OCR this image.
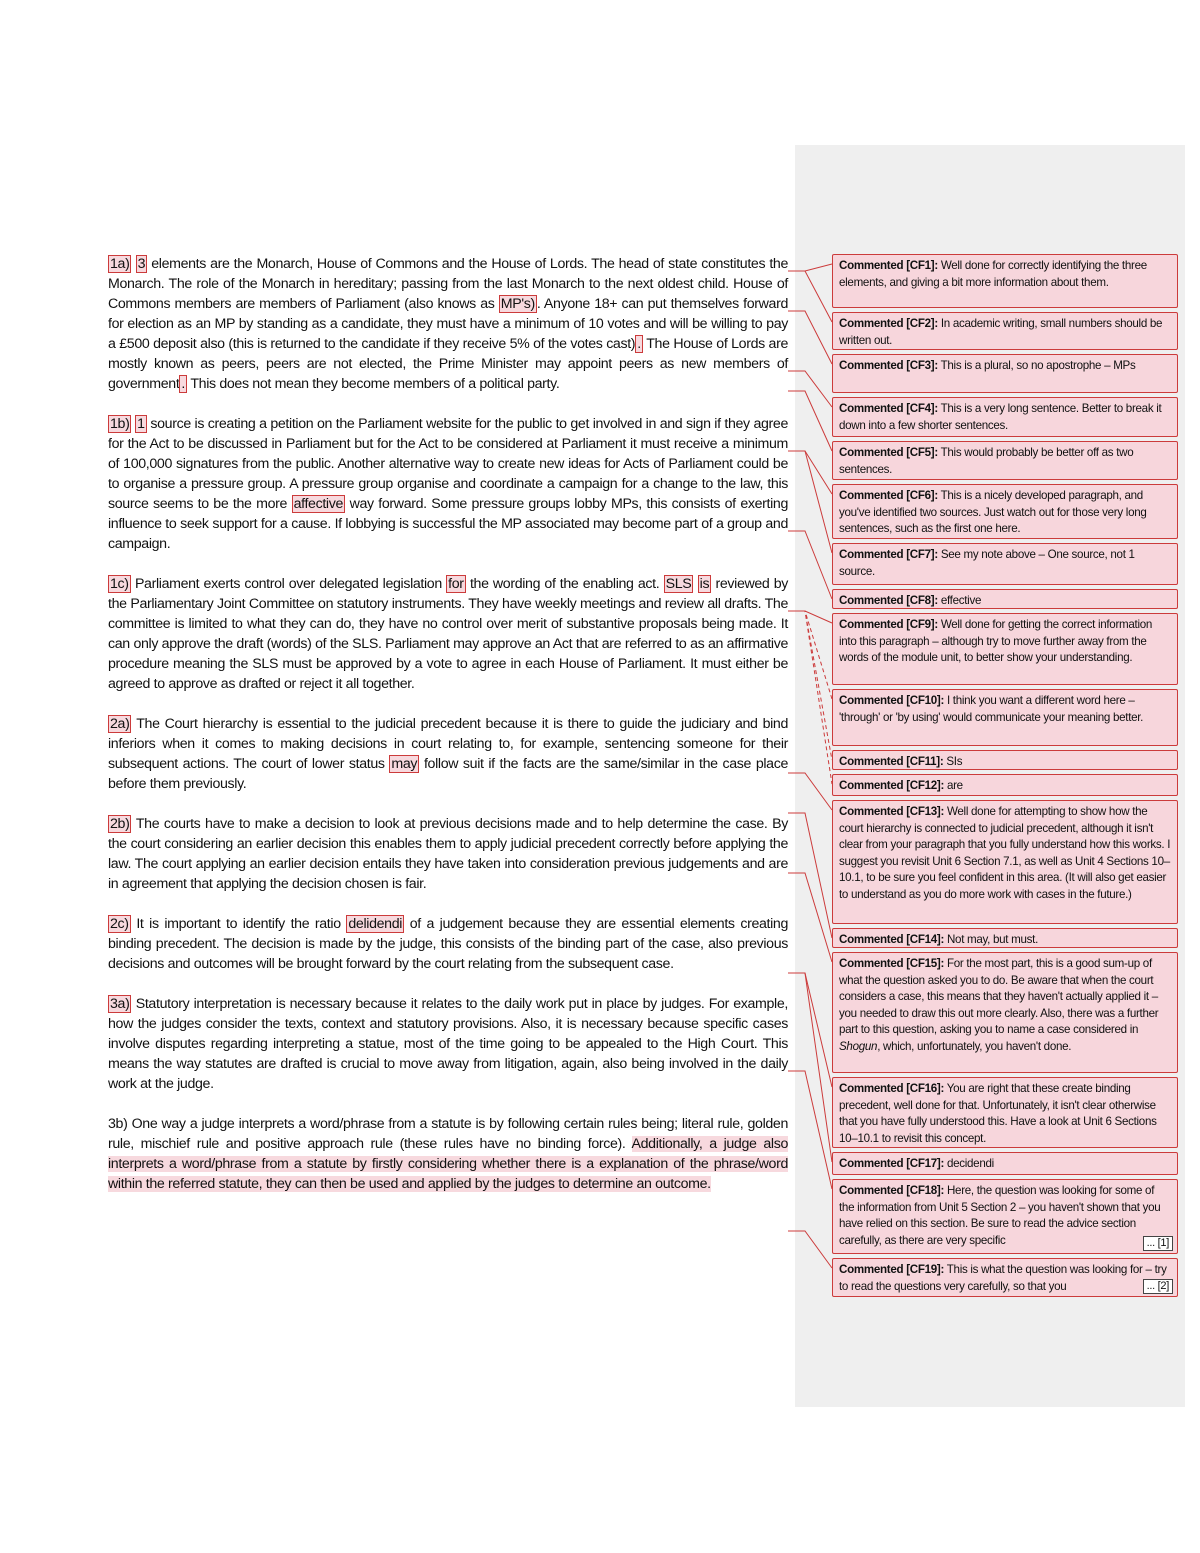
1a) 3 elements are the Monarch, House of Commons and the House of Lords. The head of state constitutes the Monarch. The role of the Monarch in hereditary; passing from the last Monarch to the next oldest child. House of Commons members are members of Parliament (also knows as MP's) . Anyone 18+ can put themselves forward for election as an MP by standing as a candidate, they must have a minimum of 10 votes and will be willing to pay a £500 deposit also (this is returned to the candidate if they receive 5% of the votes cast) . The House of Lords are mostly known as peers, peers are not elected, the Prime Minister may appoint peers as new members of government . This does not mean they become members of a political party.

1b) 1 source is creating a petition on the Parliament website for the public to get involved in and sign if they agree for the Act to be discussed in Parliament but for the Act to be considered at Parliament it must receive a minimum of 100,000 signatures from the public. Another alternative way to create new ideas for Acts of Parliament could be to organise a pressure group. A pressure group organise and coordinate a campaign for a change to the law, this source seems to be the more affective way forward. Some pressure groups lobby MPs, this consists of exerting influence to seek support for a cause. If lobbying is successful the MP associated may become part of a group and campaign.

1c) Parliament exerts control over delegated legislation for the wording of the enabling act. SLS is reviewed by the Parliamentary Joint Committee on statutory instruments. They have weekly meetings and review all drafts. The committee is limited to what they can do, they have no control over merit of substantive proposals being made. It can only approve the draft (words) of the SLS. Parliament may approve an Act that are referred to as an affirmative procedure meaning the SLS must be approved by a vote to agree in each House of Parliament. It must either be agreed to approve as drafted or reject it all together.

2a) The Court hierarchy is essential to the judicial precedent because it is there to guide the judiciary and bind inferiors when it comes to making decisions in court relating to, for example, sentencing someone for their subsequent actions. The court of lower status may follow suit if the facts are the same/similar in the case place before them previously.

2b) The courts have to make a decision to look at previous decisions made and to help determine the case. By the court considering an earlier decision this enables them to apply judicial precedent correctly before applying the law. The court applying an earlier decision entails they have taken into consideration previous judgements and are in agreement that applying the decision chosen is fair.

2c) It is important to identify the ratio delidendi of a judgement because they are essential elements creating binding precedent. The decision is made by the judge, this consists of the binding part of the case, also previous decisions and outcomes will be brought forward by the court relating from the subsequent case.

3a) Statutory interpretation is necessary because it relates to the daily work put in place by judges. For example, how the judges consider the texts, context and statutory provisions. Also, it is necessary because specific cases involve disputes regarding interpreting a statue, most of the time going to be appealed to the High Court. This means the way statutes are drafted is crucial to move away from litigation, again, also being involved in the daily work at the judge.

3b) One way a judge interprets a word/phrase from a statute is by following certain rules being; literal rule, golden rule, mischief rule and positive approach rule (these rules have no binding force). Additionally, a judge also interprets a word/phrase from a statute by firstly considering whether there is a explanation of the phrase/word within the referred statute, they can then be used and applied by the judges to determine an outcome.

Commented [CF1]: Well done for correctly identifying the three elements, and giving a bit more information about them.
Commented [CF2]: In academic writing, small numbers should be written out.
Commented [CF3]: This is a plural, so no apostrophe – MPs
Commented [CF4]: This is a very long sentence. Better to break it down into a few shorter sentences.
Commented [CF5]: This would probably be better off as two sentences.
Commented [CF6]: This is a nicely developed paragraph, and you've identified two sources. Just watch out for those very long sentences, such as the first one here.
Commented [CF7]: See my note above – One source, not 1 source.
Commented [CF8]: effective
Commented [CF9]: Well done for getting the correct information into this paragraph – although try to move further away from the words of the module unit, to better show your understanding.
Commented [CF10]: I think you want a different word here – 'through' or 'by using' would communicate your meaning better.
Commented [CF11]: SIs
Commented [CF12]: are
Commented [CF13]: Well done for attempting to show how the court hierarchy is connected to judicial precedent, although it isn't clear from your paragraph that you fully understand how this works. I suggest you revisit Unit 6 Section 7.1, as well as Unit 4 Sections 10–10.1, to be sure you feel confident in this area. (It will also get easier to understand as you do more work with cases in the future.)
Commented [CF14]: Not may, but must.
Commented [CF15]: For the most part, this is a good sum-up of what the question asked you to do. Be aware that when the court considers a case, this means that they haven't actually applied it – you needed to draw this out more clearly. Also, there was a further part to this question, asking you to name a case considered in Shogun, which, unfortunately, you haven't done.
Commented [CF16]: You are right that these create binding precedent, well done for that. Unfortunately, it isn't clear otherwise that you have fully understood this. Have a look at Unit 6 Sections 10–10.1 to revisit this concept.
Commented [CF17]: decidendi
Commented [CF18]: Here, the question was looking for some of the information from Unit 5 Section 2 – you haven't shown that you have relied on this section. Be sure to read the advice section carefully, as there are very specific	... [1]
Commented [CF19]: This is what the question was looking for – try to read the questions very carefully, so that you	... [2]
